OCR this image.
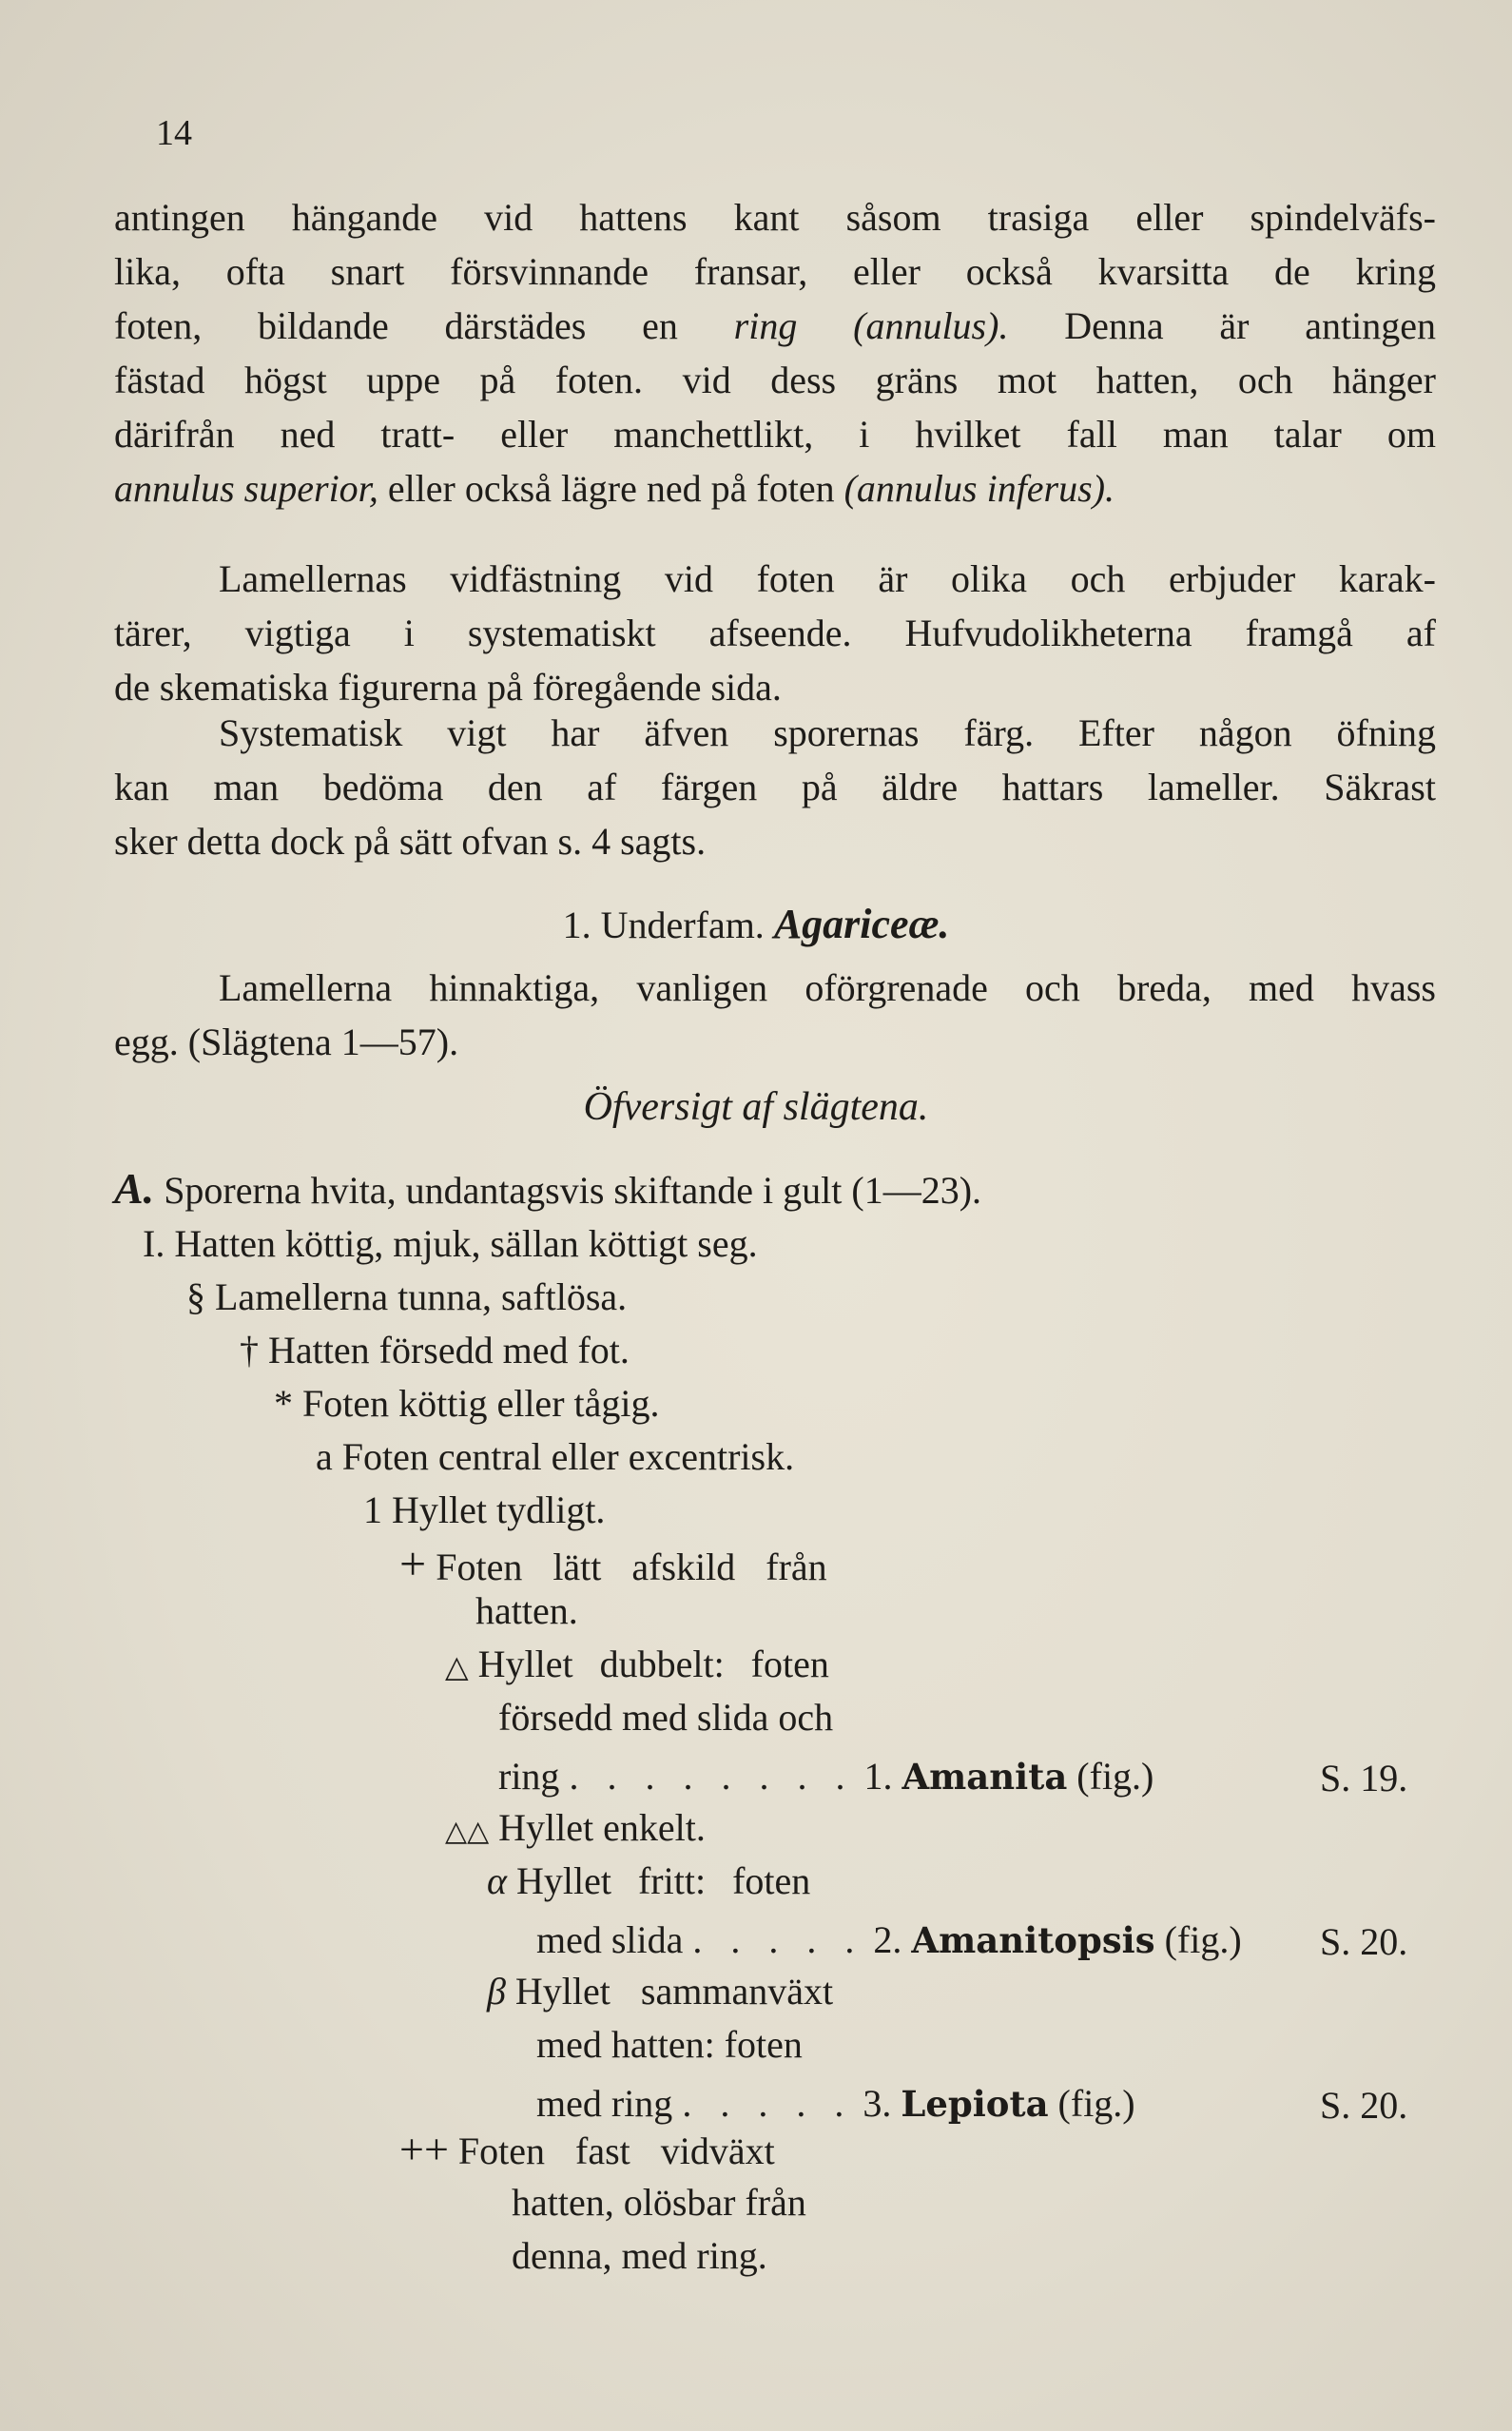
14
antingen hängande vid hattens kant såsom trasiga eller spindelväfs-
lika, ofta snart försvinnande fransar, eller också kvarsitta de kring
foten, bildande därstädes en ring (annulus). Denna är antingen
fästad högst uppe på foten. vid dess gräns mot hatten, och hänger
därifrån ned tratt- eller manchettlikt, i hvilket fall man talar om
annulus superior, eller också lägre ned på foten (annulus inferus).
Lamellernas vidfästning vid foten är olika och erbjuder karak-
tärer, vigtiga i systematiskt afseende. Hufvudolikheterna framgå af
de skematiska figurerna på föregående sida.
Systematisk vigt har äfven sporernas färg. Efter någon öfning
kan man bedöma den af färgen på äldre hattars lameller. Säkrast
sker detta dock på sätt ofvan s. 4 sagts.
1. Underfam. Agariceæ.
Lamellerna hinnaktiga, vanligen oförgrenade och breda, med hvass
egg. (Slägtena 1—57).
Öfversigt af slägtena.
A. Sporerna hvita, undantagsvis skiftande i gult (1—23).
I. Hatten köttig, mjuk, sällan köttigt seg.
§ Lamellerna tunna, saftlösa.
† Hatten försedd med fot.
* Foten köttig eller tågig.
a Foten central eller excentrisk.
1 Hyllet tydligt.
+ Foten lätt afskild från
hatten.
△ Hyllet dubbelt: foten
försedd med slida och
ring . . . . . . . . 1. Amanita (fig.)	S. 19.
△△ Hyllet enkelt.
α Hyllet fritt: foten
med slida . . . . . 2. Amanitopsis (fig.) S. 20.
β Hyllet sammanväxt
med hatten: foten
med ring . . . . . 3. Lepiota (fig.)	S. 20.
++ Foten fast vidväxt
hatten, olösbar från
denna, med ring.
